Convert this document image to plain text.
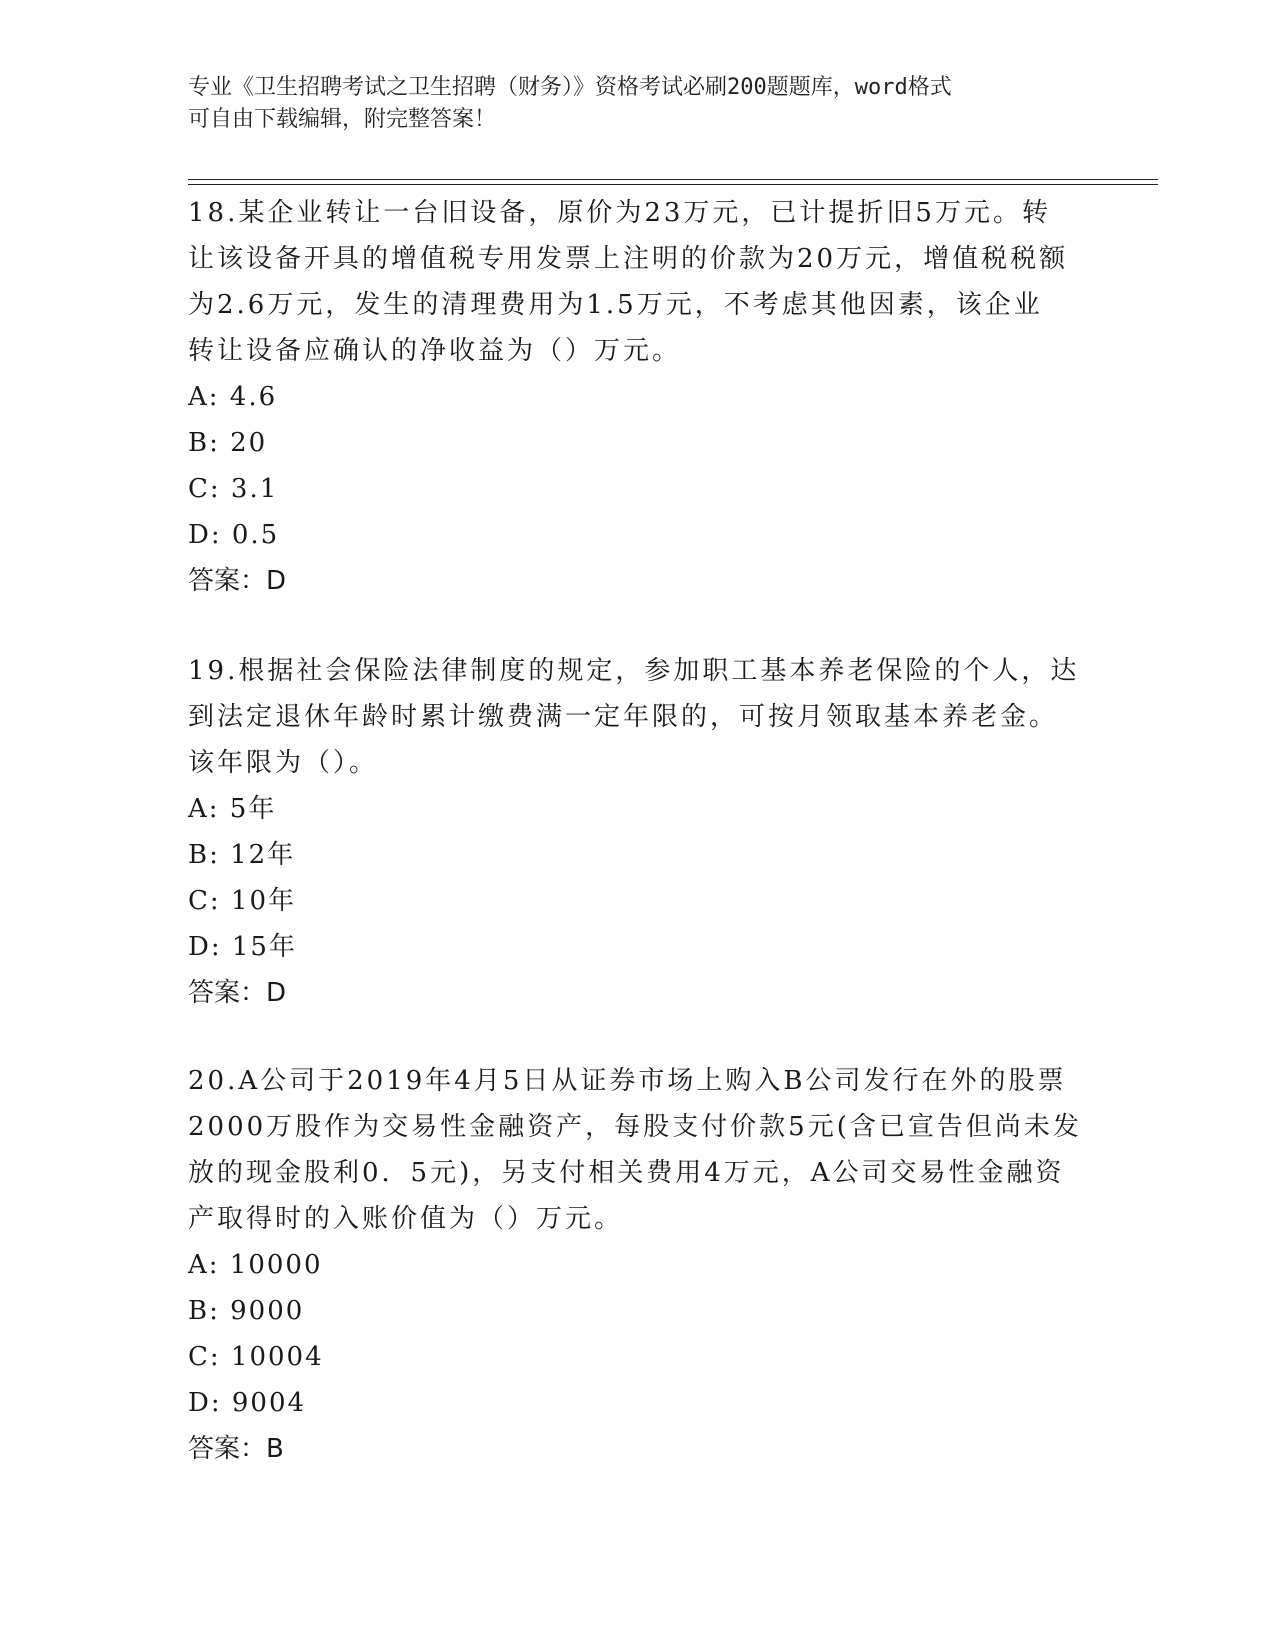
专业《卫生招聘考试之卫生招聘（财务）》资格考试必刷200题题库，word格式
可自由下载编辑，附完整答案！

18.某企业转让一台旧设备，原价为23万元，已计提折旧5万元。转

让该设备开具的增值税专用发票上注明的价款为20万元，增值税税额

为2.6万元，发生的清理费用为1.5万元，不考虑其他因素，该企业

转让设备应确认的净收益为（）万元。

A: 4.6

B: 20

C: 3.1

D: 0.5

答案：D

19.根据社会保险法律制度的规定，参加职工基本养老保险的个人，达

到法定退休年龄时累计缴费满一定年限的，可按月领取基本养老金。

该年限为（）。

A: 5年

B: 12年

C: 10年

D: 15年

答案：D

20.A公司于2019年4月5日从证券市场上购入B公司发行在外的股票

2000万股作为交易性金融资产，每股支付价款5元(含已宣告但尚未发

放的现金股利0．5元)，另支付相关费用4万元，A公司交易性金融资

产取得时的入账价值为（）万元。

A: 10000

B: 9000

C: 10004

D: 9004

答案：B
